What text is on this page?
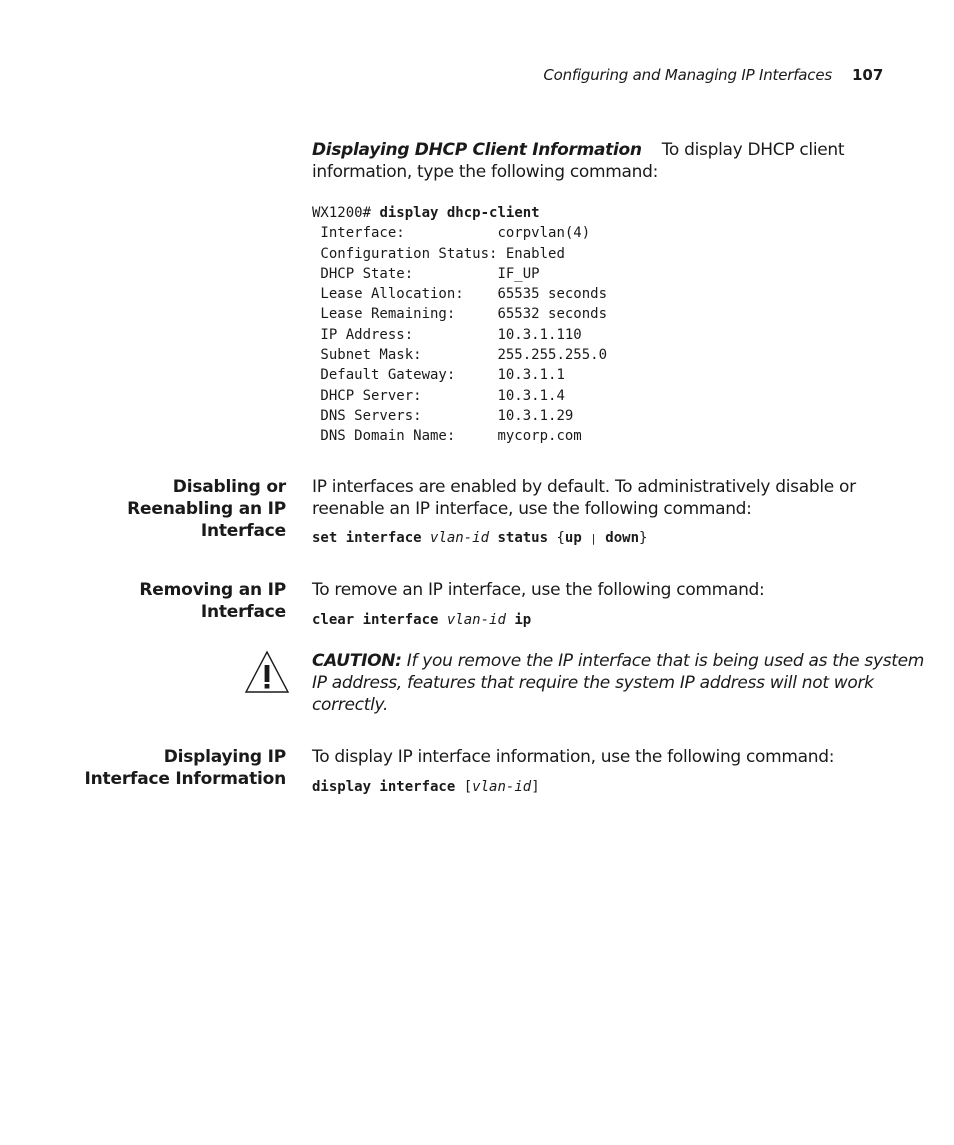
Configuring and Managing IP Interfaces 107
Displaying DHCP Client Information To display DHCP client
information, type the following command:
WX1200# display dhcp-client
Interface:           corpvlan(4)
Configuration Status: Enabled
DHCP State:          IF_UP
Lease Allocation:    65535 seconds
Lease Remaining:     65532 seconds
IP Address:          10.3.1.110
Subnet Mask:         255.255.255.0
Default Gateway:     10.3.1.1
DHCP Server:         10.3.1.4
DNS Servers:         10.3.1.29
DNS Domain Name:     mycorp.com
Disabling or
Reenabling an IP
Interface
IP interfaces are enabled by default. To administratively disable or
reenable an IP interface, use the following command:
set interface vlan-id status {up | down}
Removing an IP
Interface
To remove an IP interface, use the following command:
clear interface vlan-id ip
CAUTION: If you remove the IP interface that is being used as the system
IP address, features that require the system IP address will not work
correctly.
Displaying IP
Interface Information
To display IP interface information, use the following command:
display interface [vlan-id]
